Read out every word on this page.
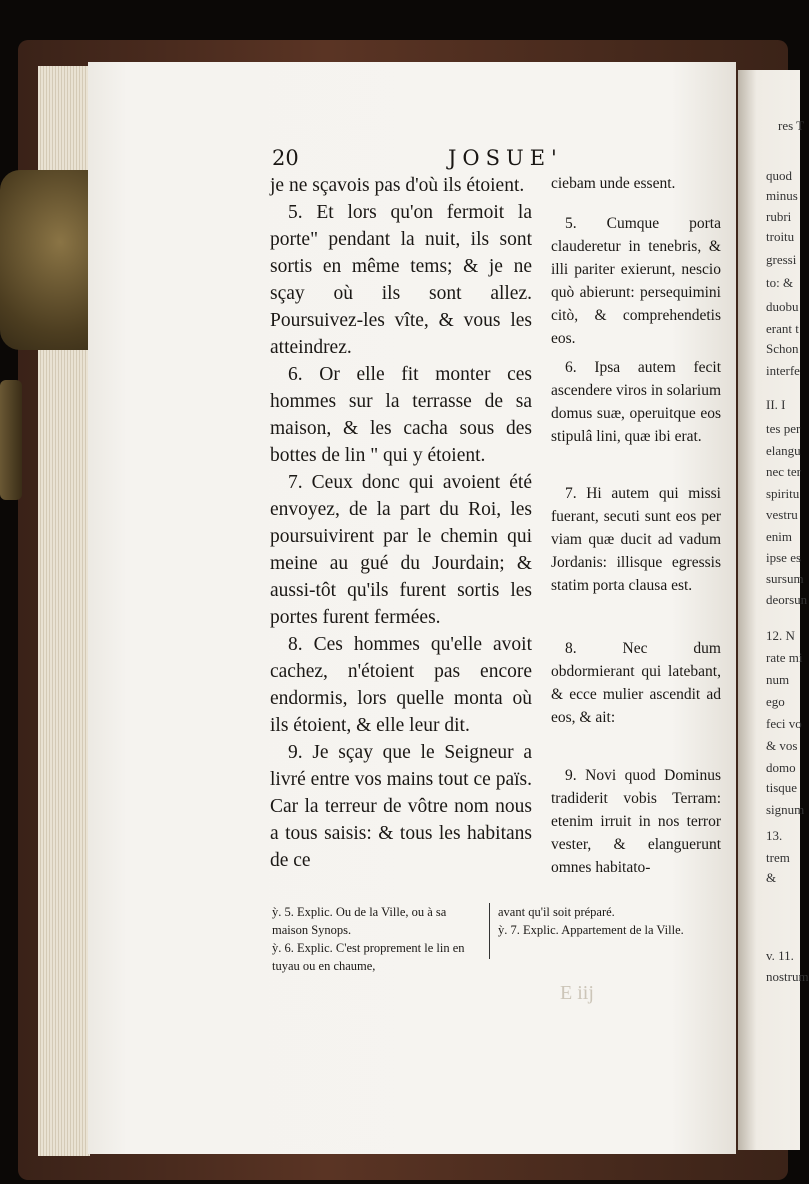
res T
quod
minus
rubri
troitu
gressi
to: &
duobu
erant t
Schon
interfe
II. I
tes per
elangu
nec ter
spiritu
vestru
enim
ipse es
sursum
deorsun
12. N
rate mi
num
ego
feci vo
& vos
domo
tisque
signum
13.
trem
&
v. 11.
nostrum
20	JOSUE'

je ne sçavois pas d'où ils étoient.

5. Et lors qu'on fermoit la porte" pendant la nuit, ils sont sortis en même tems; & je ne sçay où ils sont allez. Poursuivez-les vîte, & vous les atteindrez.

6. Or elle fit monter ces hommes sur la terrasse de sa maison, & les cacha sous des bottes de lin " qui y étoient.

7. Ceux donc qui avoient été envoyez, de la part du Roi, les poursuivirent par le chemin qui meine au gué du Jourdain; & aussi-tôt qu'ils furent sortis les portes furent fermées.

8. Ces hommes qu'elle avoit cachez, n'étoient pas encore endormis, lors quelle monta où ils étoient, & elle leur dit.

9. Je sçay que le Seigneur a livré entre vos mains tout ce païs. Car la terreur de vôtre nom nous a tous saisis: & tous les habitans de ce

ciebam unde essent.

5. Cumque porta clauderetur in tenebris, & illi pariter exierunt, nescio quò abierunt: persequimini citò, & comprehendetis eos.

6. Ipsa autem fecit ascendere viros in solarium domus suæ, operuitque eos stipulâ lini, quæ ibi erat.

7. Hi autem qui missi fuerant, secuti sunt eos per viam quæ ducit ad vadum Jordanis: illisque egressis statim porta clausa est.

8. Nec dum obdormierant qui latebant, & ecce mulier ascendit ad eos, & ait:

9. Novi quod Dominus tradiderit vobis Terram: etenim irruit in nos terror vester, & elanguerunt omnes habitato-

ỳ. 5. Explic. Ou de la Ville, ou à sa maison Synops.

ỳ. 6. Explic. C'est proprement le lin en tuyau ou en chaume,

avant qu'il soit préparé.

ỳ. 7. Explic. Appartement de la Ville.

E iij
